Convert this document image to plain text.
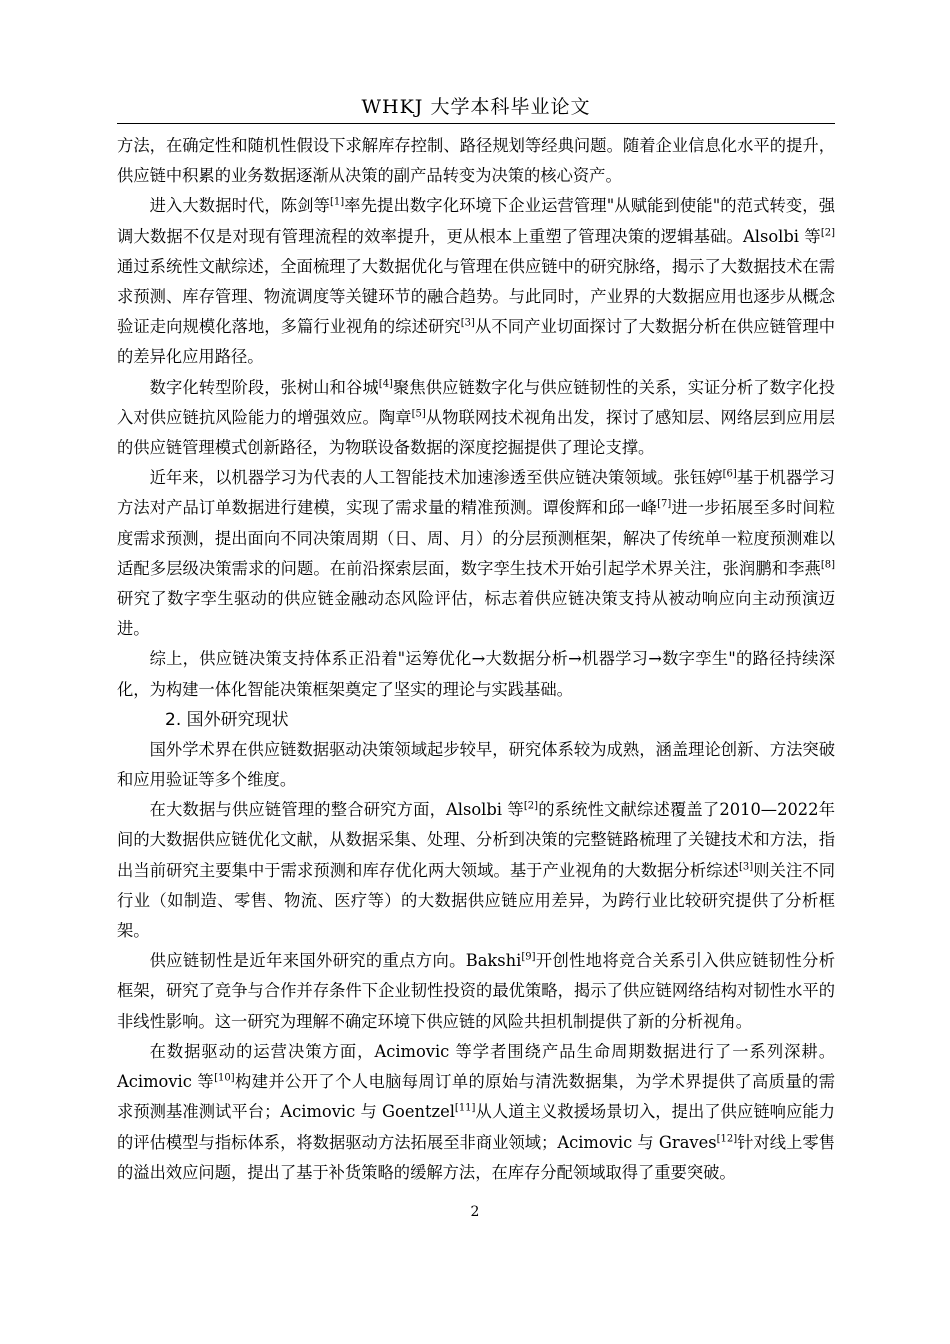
WHKJ 大学本科毕业论文

方法，在确定性和随机性假设下求解库存控制、路径规划等经典问题。随着企业信息化水平的提升，供应链中积累的业务数据逐渐从决策的副产品转变为决策的核心资产。

进入大数据时代，陈剑等[1]率先提出数字化环境下企业运营管理"从赋能到使能"的范式转变，强调大数据不仅是对现有管理流程的效率提升，更从根本上重塑了管理决策的逻辑基础。Alsolbi 等[2]通过系统性文献综述，全面梳理了大数据优化与管理在供应链中的研究脉络，揭示了大数据技术在需求预测、库存管理、物流调度等关键环节的融合趋势。与此同时，产业界的大数据应用也逐步从概念验证走向规模化落地，多篇行业视角的综述研究[3]从不同产业切面探讨了大数据分析在供应链管理中的差异化应用路径。

数字化转型阶段，张树山和谷城[4]聚焦供应链数字化与供应链韧性的关系，实证分析了数字化投入对供应链抗风险能力的增强效应。陶章[5]从物联网技术视角出发，探讨了感知层、网络层到应用层的供应链管理模式创新路径，为物联设备数据的深度挖掘提供了理论支撑。

近年来，以机器学习为代表的人工智能技术加速渗透至供应链决策领域。张钰婷[6]基于机器学习方法对产品订单数据进行建模，实现了需求量的精准预测。谭俊辉和邱一峰[7]进一步拓展至多时间粒度需求预测，提出面向不同决策周期（日、周、月）的分层预测框架，解决了传统单一粒度预测难以适配多层级决策需求的问题。在前沿探索层面，数字孪生技术开始引起学术界关注，张润鹏和李燕[8]研究了数字孪生驱动的供应链金融动态风险评估，标志着供应链决策支持从被动响应向主动预演迈进。

综上，供应链决策支持体系正沿着"运筹优化→大数据分析→机器学习→数字孪生"的路径持续深化，为构建一体化智能决策框架奠定了坚实的理论与实践基础。

2. 国外研究现状

国外学术界在供应链数据驱动决策领域起步较早，研究体系较为成熟，涵盖理论创新、方法突破和应用验证等多个维度。

在大数据与供应链管理的整合研究方面，Alsolbi 等[2]的系统性文献综述覆盖了2010—2022年间的大数据供应链优化文献，从数据采集、处理、分析到决策的完整链路梳理了关键技术和方法，指出当前研究主要集中于需求预测和库存优化两大领域。基于产业视角的大数据分析综述[3]则关注不同行业（如制造、零售、物流、医疗等）的大数据供应链应用差异，为跨行业比较研究提供了分析框架。

供应链韧性是近年来国外研究的重点方向。Bakshi[9]开创性地将竞合关系引入供应链韧性分析框架，研究了竞争与合作并存条件下企业韧性投资的最优策略，揭示了供应链网络结构对韧性水平的非线性影响。这一研究为理解不确定环境下供应链的风险共担机制提供了新的分析视角。

在数据驱动的运营决策方面，Acimovic 等学者围绕产品生命周期数据进行了一系列深耕。Acimovic 等[10]构建并公开了个人电脑每周订单的原始与清洗数据集，为学术界提供了高质量的需求预测基准测试平台；Acimovic 与 Goentzel[11]从人道主义救援场景切入，提出了供应链响应能力的评估模型与指标体系，将数据驱动方法拓展至非商业领域；Acimovic 与 Graves[12]针对线上零售的溢出效应问题，提出了基于补货策略的缓解方法，在库存分配领域取得了重要突破。

2
